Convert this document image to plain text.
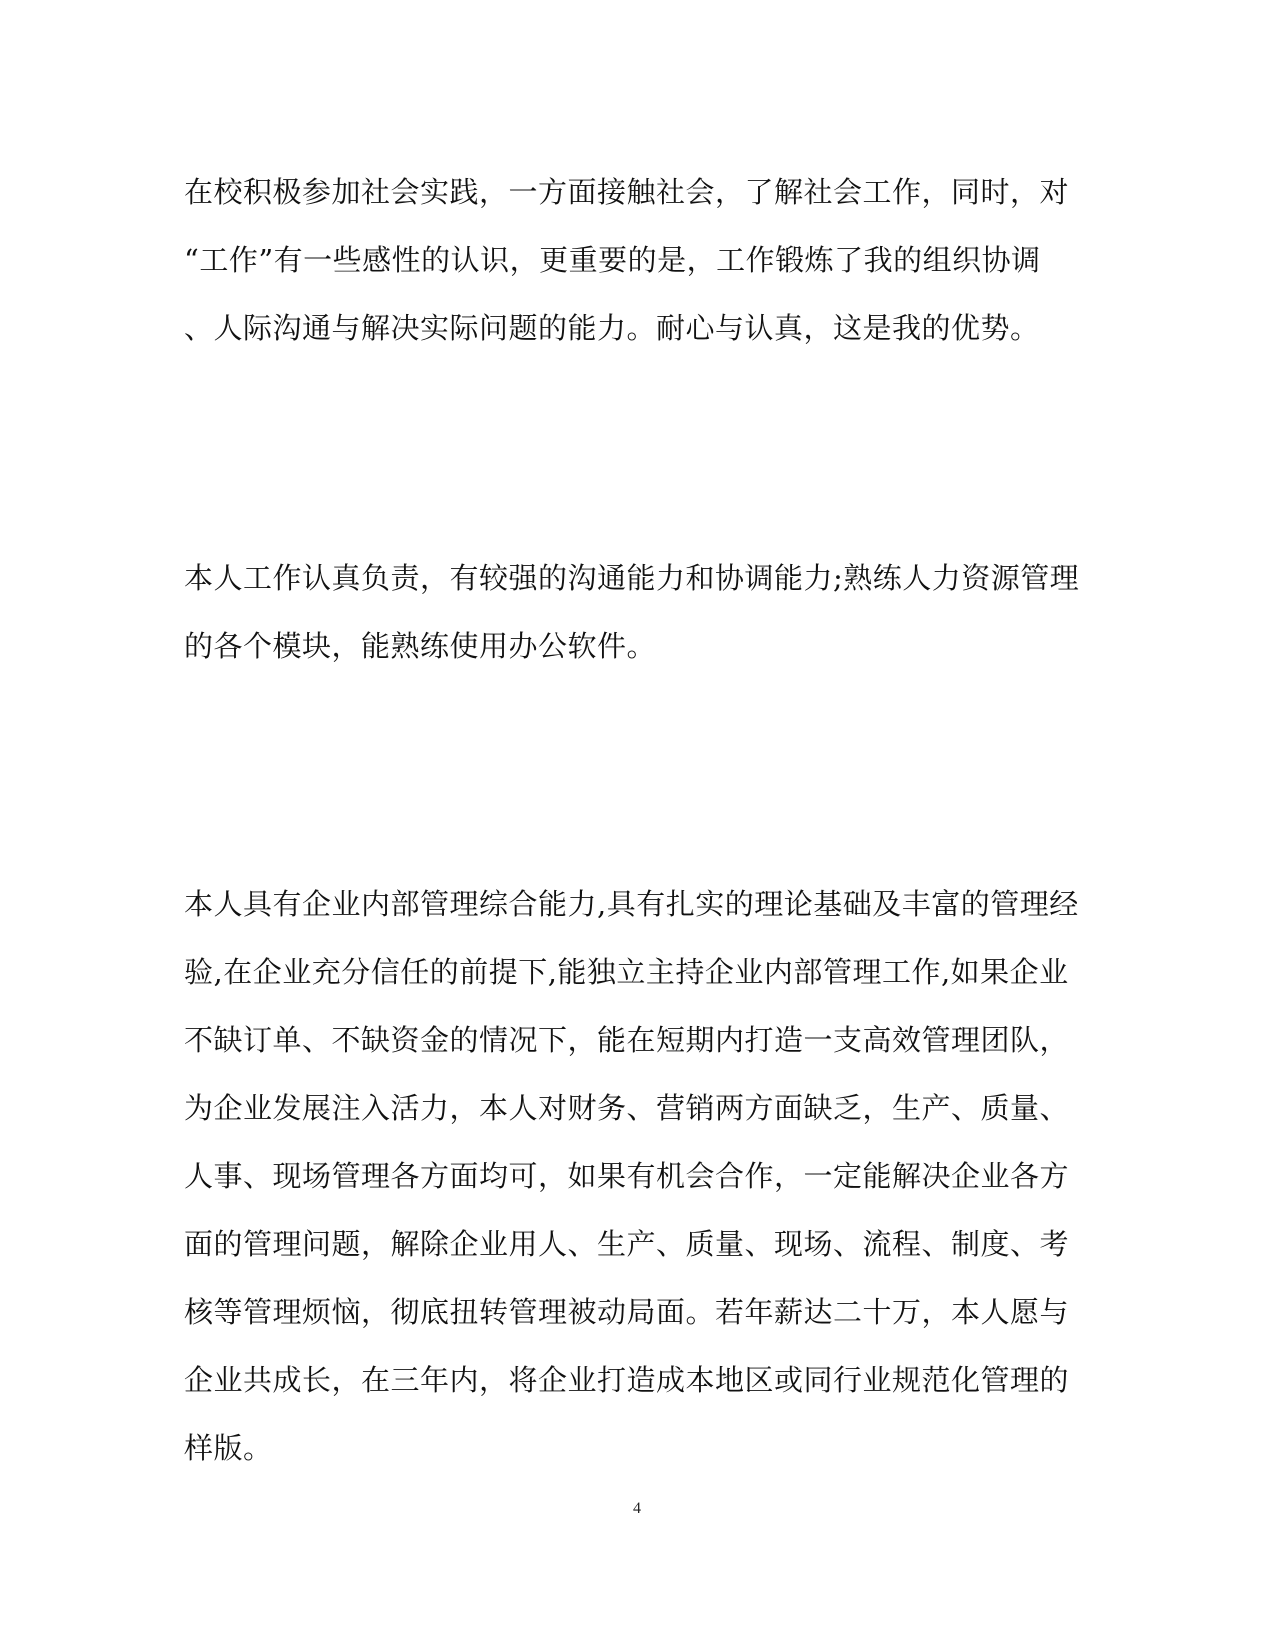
在校积极参加社会实践，一方面接触社会，了解社会工作，同时，对
“工作”有一些感性的认识，更重要的是，工作锻炼了我的组织协调
、人际沟通与解决实际问题的能力。耐心与认真，这是我的优势。
本人工作认真负责，有较强的沟通能力和协调能力;熟练人力资源管理
的各个模块，能熟练使用办公软件。
本人具有企业内部管理综合能力,具有扎实的理论基础及丰富的管理经
验,在企业充分信任的前提下,能独立主持企业内部管理工作,如果企业
不缺订单、不缺资金的情况下，能在短期内打造一支高效管理团队，
为企业发展注入活力，本人对财务、营销两方面缺乏，生产、质量、
人事、现场管理各方面均可，如果有机会合作，一定能解决企业各方
面的管理问题，解除企业用人、生产、质量、现场、流程、制度、考
核等管理烦恼，彻底扭转管理被动局面。若年薪达二十万，本人愿与
企业共成长，在三年内，将企业打造成本地区或同行业规范化管理的
样版。
4
